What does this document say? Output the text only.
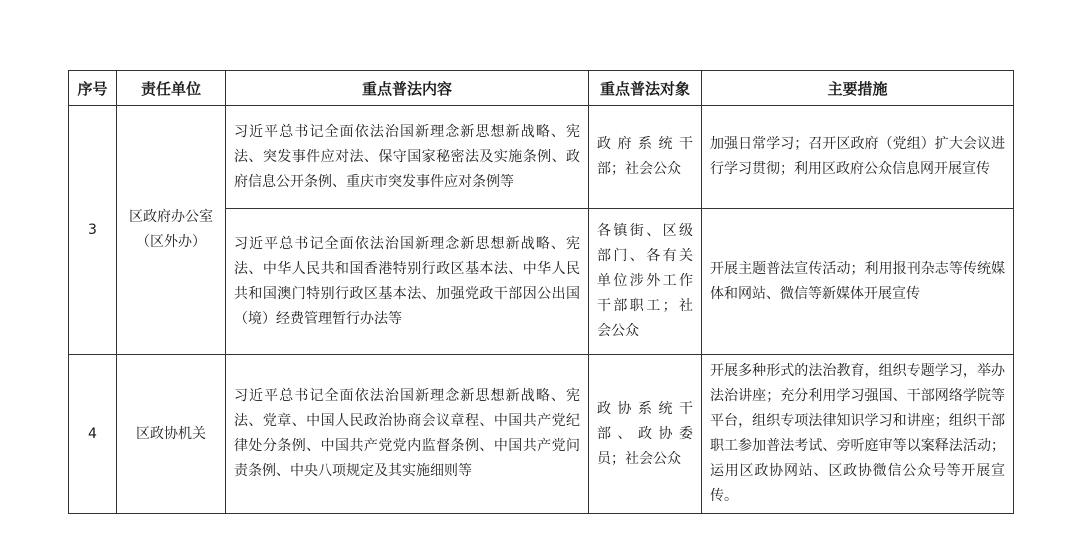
序号	责任单位	重点普法内容	重点普法对象	主要措施
3	区政府办公室（区外办）	习近平总书记全面依法治国新理念新思想新战略、宪法、突发事件应对法、保守国家秘密法及实施条例、政府信息公开条例、重庆市突发事件应对条例等	政府系统干部；社会公众	加强日常学习；召开区政府（党组）扩大会议进行学习贯彻；利用区政府公众信息网开展宣传
		习近平总书记全面依法治国新理念新思想新战略、宪法、中华人民共和国香港特别行政区基本法、中华人民共和国澳门特别行政区基本法、加强党政干部因公出国（境）经费管理暂行办法等	各镇街、区级部门、各有关单位涉外工作干部职工；社会公众	开展主题普法宣传活动；利用报刊杂志等传统媒体和网站、微信等新媒体开展宣传
4	区政协机关	习近平总书记全面依法治国新理念新思想新战略、宪法、党章、中国人民政治协商会议章程、中国共产党纪律处分条例、中国共产党党内监督条例、中国共产党问责条例、中央八项规定及其实施细则等	政协系统干部、政协委员；社会公众	开展多种形式的法治教育，组织专题学习，举办法治讲座；充分利用学习强国、干部网络学院等平台，组织专项法律知识学习和讲座；组织干部职工参加普法考试、旁听庭审等以案释法活动；运用区政协网站、区政协微信公众号等开展宣传。
